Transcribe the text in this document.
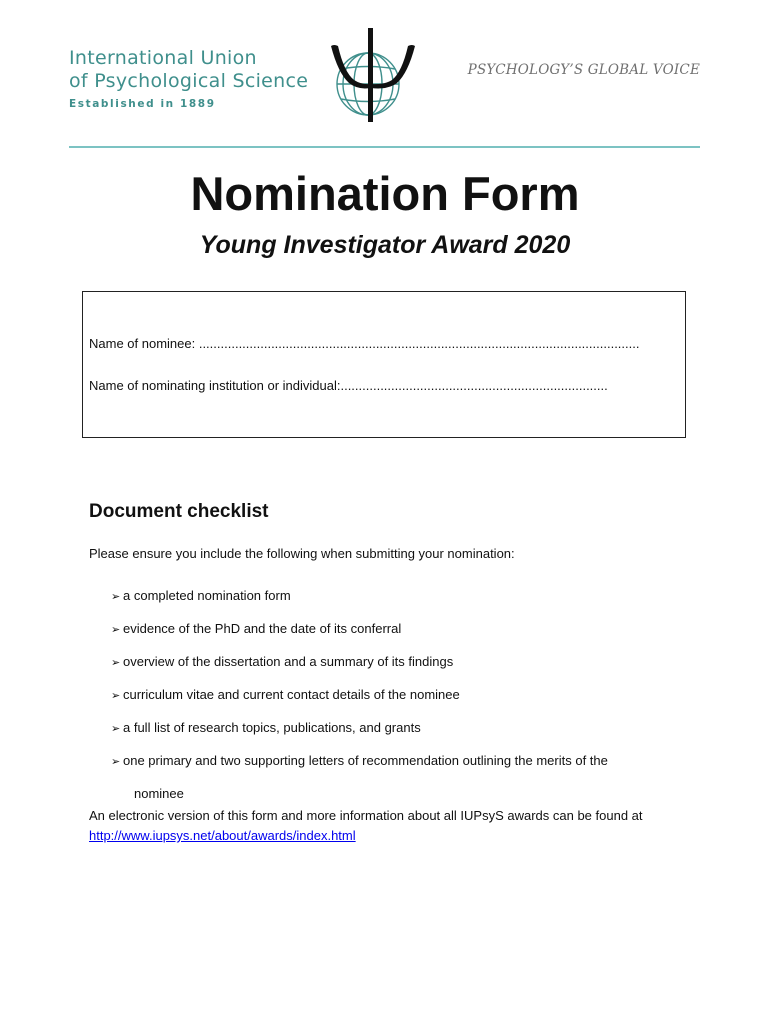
International Union
of Psychological Science
Established in 1889
PSYCHOLOGY’S GLOBAL VOICE
Nomination Form
Young Investigator Award 2020
Name of nominee: ..........................................................................................................................
Name of nominating institution or individual:..........................................................................
Document checklist
Please ensure you include the following when submitting your nomination:
➢ a completed nomination form
➢ evidence of the PhD and the date of its conferral
➢ overview of the dissertation and a summary of its findings
➢ curriculum vitae and current contact details of the nominee
➢ a full list of research topics, publications, and grants
➢ one primary and two supporting letters of recommendation outlining the merits of the
nominee
An electronic version of this form and more information about all IUPsyS awards can be found at
http://www.iupsys.net/about/awards/index.html
